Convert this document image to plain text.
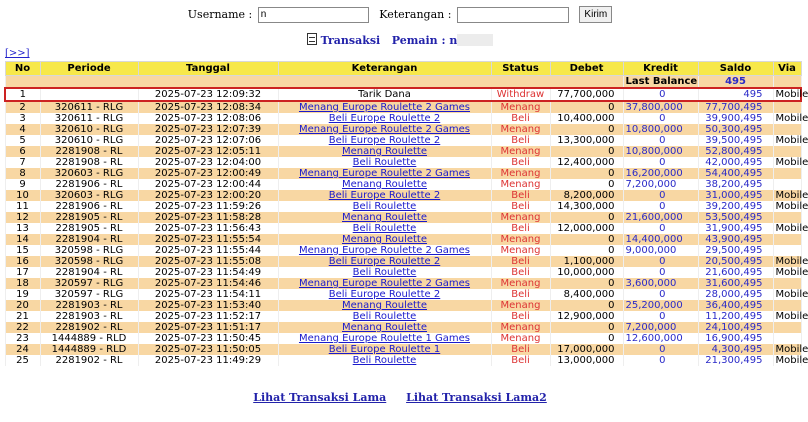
Username : n	Keterangan :	Kirim
Transaksi Pemain : n
[>>]
No	Periode	Tanggal	Keterangan	Status	Debet	Kredit	Saldo	Via
						Last Balance	495	
1		2025-07-23 12:09:32	Tarik Dana	Withdraw	77,700,000	0	495	Mobile
2	320611 - RLG	2025-07-23 12:08:34	Menang Europe Roulette 2 Games	Menang	0	37,800,000	77,700,495	
3	320611 - RLG	2025-07-23 12:08:06	Beli Europe Roulette 2	Beli	10,400,000	0	39,900,495	Mobile
4	320610 - RLG	2025-07-23 12:07:39	Menang Europe Roulette 2 Games	Menang	0	10,800,000	50,300,495	
5	320610 - RLG	2025-07-23 12:07:06	Beli Europe Roulette 2	Beli	13,300,000	0	39,500,495	Mobile
6	2281908 - RL	2025-07-23 12:05:11	Menang Roulette	Menang	0	10,800,000	52,800,495	
7	2281908 - RL	2025-07-23 12:04:00	Beli Roulette	Beli	12,400,000	0	42,000,495	Mobile
8	320603 - RLG	2025-07-23 12:00:49	Menang Europe Roulette 2 Games	Menang	0	16,200,000	54,400,495	
9	2281906 - RL	2025-07-23 12:00:44	Menang Roulette	Menang	0	7,200,000	38,200,495	
10	320603 - RLG	2025-07-23 12:00:20	Beli Europe Roulette 2	Beli	8,200,000	0	31,000,495	Mobile
11	2281906 - RL	2025-07-23 11:59:26	Beli Roulette	Beli	14,300,000	0	39,200,495	Mobile
12	2281905 - RL	2025-07-23 11:58:28	Menang Roulette	Menang	0	21,600,000	53,500,495	
13	2281905 - RL	2025-07-23 11:56:43	Beli Roulette	Beli	12,000,000	0	31,900,495	Mobile
14	2281904 - RL	2025-07-23 11:55:54	Menang Roulette	Menang	0	14,400,000	43,900,495	
15	320598 - RLG	2025-07-23 11:55:44	Menang Europe Roulette 2 Games	Menang	0	9,000,000	29,500,495	
16	320598 - RLG	2025-07-23 11:55:08	Beli Europe Roulette 2	Beli	1,100,000	0	20,500,495	Mobile
17	2281904 - RL	2025-07-23 11:54:49	Beli Roulette	Beli	10,000,000	0	21,600,495	Mobile
18	320597 - RLG	2025-07-23 11:54:46	Menang Europe Roulette 2 Games	Menang	0	3,600,000	31,600,495	
19	320597 - RLG	2025-07-23 11:54:11	Beli Europe Roulette 2	Beli	8,400,000	0	28,000,495	Mobile
20	2281903 - RL	2025-07-23 11:53:40	Menang Roulette	Menang	0	25,200,000	36,400,495	
21	2281903 - RL	2025-07-23 11:52:17	Beli Roulette	Beli	12,900,000	0	11,200,495	Mobile
22	2281902 - RL	2025-07-23 11:51:17	Menang Roulette	Menang	0	7,200,000	24,100,495	
23	1444889 - RLD	2025-07-23 11:50:45	Menang Europe Roulette 1 Games	Menang	0	12,600,000	16,900,495	
24	1444889 - RLD	2025-07-23 11:50:05	Beli Europe Roulette 1	Beli	17,000,000	0	4,300,495	Mobile
25	2281902 - RL	2025-07-23 11:49:29	Beli Roulette	Beli	13,000,000	0	21,300,495	Mobile
Lihat Transaksi Lama Lihat Transaksi Lama2
